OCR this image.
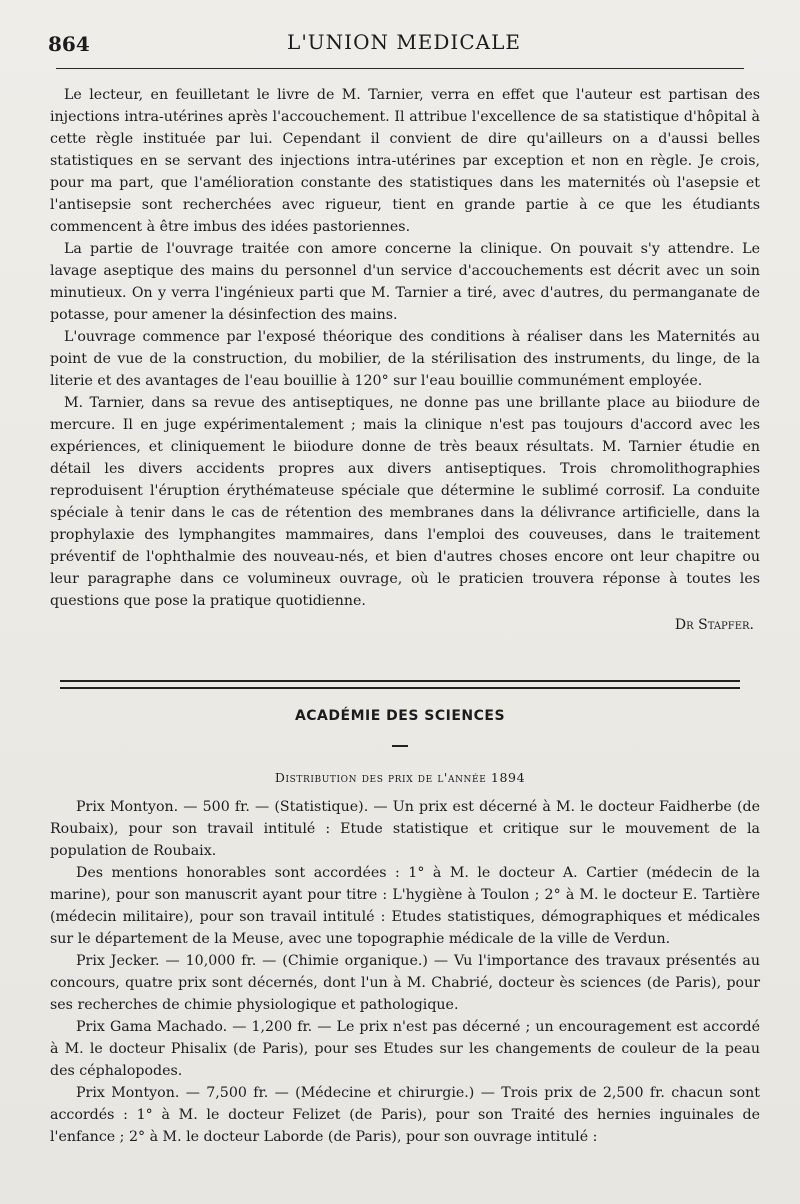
864	L'UNION MEDICALE

Le lecteur, en feuilletant le livre de M. Tarnier, verra en effet que l'auteur est partisan des injections intra-utérines après l'accouchement. Il attribue l'excellence de sa statistique d'hôpital à cette règle instituée par lui. Cependant il convient de dire qu'ailleurs on a d'aussi belles statistiques en se servant des injections intra-utérines par exception et non en règle. Je crois, pour ma part, que l'amélioration constante des statistiques dans les maternités où l'asepsie et l'antisepsie sont recherchées avec rigueur, tient en grande partie à ce que les étudiants commencent à être imbus des idées pastoriennes.

La partie de l'ouvrage traitée con amore concerne la clinique. On pouvait s'y attendre. Le lavage aseptique des mains du personnel d'un service d'accouchements est décrit avec un soin minutieux. On y verra l'ingénieux parti que M. Tarnier a tiré, avec d'autres, du permanganate de potasse, pour amener la désinfection des mains.

L'ouvrage commence par l'exposé théorique des conditions à réaliser dans les Maternités au point de vue de la construction, du mobilier, de la stérilisation des instruments, du linge, de la literie et des avantages de l'eau bouillie à 120° sur l'eau bouillie communément employée.

M. Tarnier, dans sa revue des antiseptiques, ne donne pas une brillante place au biiodure de mercure. Il en juge expérimentalement ; mais la clinique n'est pas toujours d'accord avec les expériences, et cliniquement le biiodure donne de très beaux résultats. M. Tarnier étudie en détail les divers accidents propres aux divers antiseptiques. Trois chromolithographies reproduisent l'éruption érythémateuse spéciale que détermine le sublimé corrosif. La conduite spéciale à tenir dans le cas de rétention des membranes dans la délivrance artificielle, dans la prophylaxie des lymphangites mammaires, dans l'emploi des couveuses, dans le traitement préventif de l'ophthalmie des nouveau-nés, et bien d'autres choses encore ont leur chapitre ou leur paragraphe dans ce volumineux ouvrage, où le praticien trouvera réponse à toutes les questions que pose la pratique quotidienne.

Dr Stapfer.
ACADÉMIE DES SCIENCES
Distribution des prix de l'année 1894

Prix Montyon. — 500 fr. — (Statistique). — Un prix est décerné à M. le docteur Faidherbe (de Roubaix), pour son travail intitulé : Etude statistique et critique sur le mouvement de la population de Roubaix.

Des mentions honorables sont accordées : 1° à M. le docteur A. Cartier (médecin de la marine), pour son manuscrit ayant pour titre : L'hygiène à Toulon ; 2° à M. le docteur E. Tartière (médecin militaire), pour son travail intitulé : Etudes statistiques, démographiques et médicales sur le département de la Meuse, avec une topographie médicale de la ville de Verdun.

Prix Jecker. — 10,000 fr. — (Chimie organique.) — Vu l'importance des travaux présentés au concours, quatre prix sont décernés, dont l'un à M. Chabrié, docteur ès sciences (de Paris), pour ses recherches de chimie physiologique et pathologique.

Prix Gama Machado. — 1,200 fr. — Le prix n'est pas décerné ; un encouragement est accordé à M. le docteur Phisalix (de Paris), pour ses Etudes sur les changements de couleur de la peau des céphalopodes.

Prix Montyon. — 7,500 fr. — (Médecine et chirurgie.) — Trois prix de 2,500 fr. chacun sont accordés : 1° à M. le docteur Felizet (de Paris), pour son Traité des hernies inguinales de l'enfance ; 2° à M. le docteur Laborde (de Paris), pour son ouvrage intitulé :
